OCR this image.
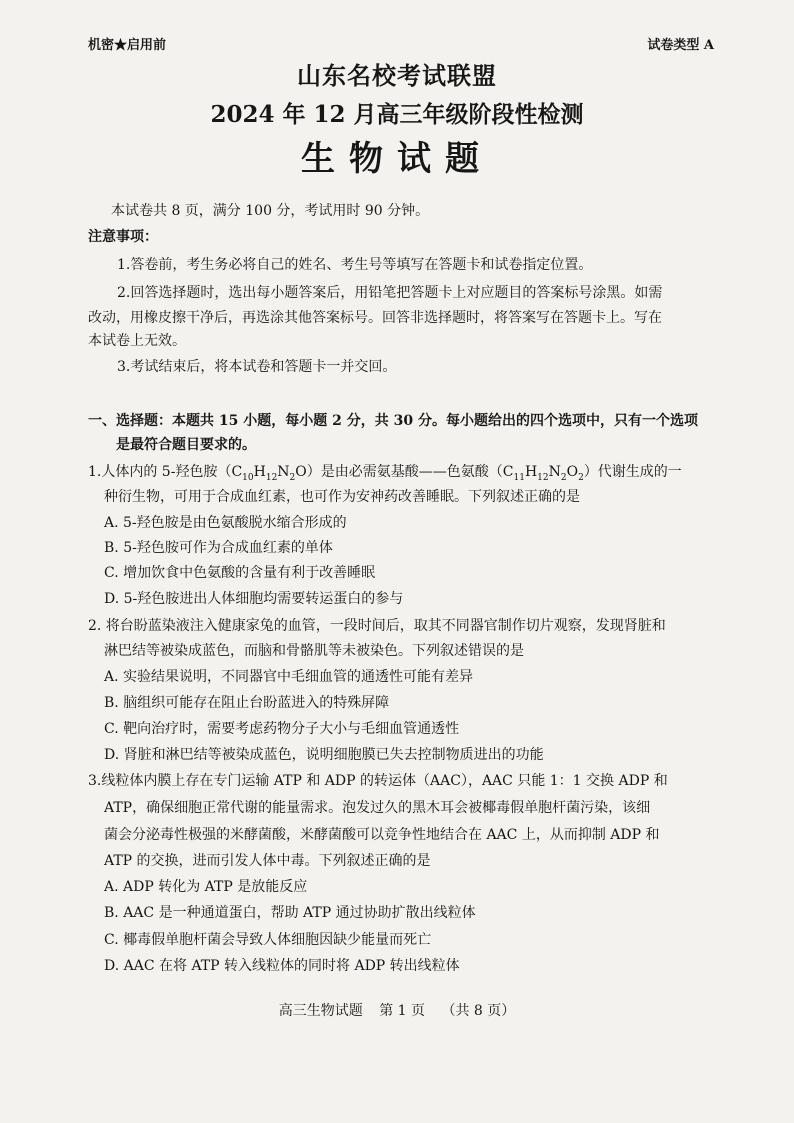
机密★启用前	试卷类型 A
山东名校考试联盟
2024 年 12 月高三年级阶段性检测
生物试题
本试卷共 8 页，满分 100 分，考试用时 90 分钟。
注意事项：
1.答卷前，考生务必将自己的姓名、考生号等填写在答题卡和试卷指定位置。
2.回答选择题时，选出每小题答案后，用铅笔把答题卡上对应题目的答案标号涂黑。如需
改动，用橡皮擦干净后，再选涂其他答案标号。回答非选择题时，将答案写在答题卡上。写在
本试卷上无效。
3.考试结束后，将本试卷和答题卡一并交回。
一、选择题：本题共 15 小题，每小题 2 分，共 30 分。每小题给出的四个选项中，只有一个选项
是最符合题目要求的。
1.人体内的 5-羟色胺$(C_{10}H_{12}N_2O)$是由必需氨基酸——色氨酸$(C_{11}H_{12}N_2O_2)$代谢生成的一
种衍生物，可用于合成血红素，也可作为安神药改善睡眠。下列叙述正确的是
A. 5-羟色胺是由色氨酸脱水缩合形成的
B. 5-羟色胺可作为合成血红素的单体
C. 增加饮食中色氨酸的含量有利于改善睡眠
D. 5-羟色胺进出人体细胞均需要转运蛋白的参与
2. 将台盼蓝染液注入健康家兔的血管，一段时间后，取其不同器官制作切片观察，发现肾脏和
淋巴结等被染成蓝色，而脑和骨骼肌等未被染色。下列叙述错误的是
A. 实验结果说明，不同器官中毛细血管的通透性可能有差异
B. 脑组织可能存在阻止台盼蓝进入的特殊屏障
C. 靶向治疗时，需要考虑药物分子大小与毛细血管通透性
D. 肾脏和淋巴结等被染成蓝色，说明细胞膜已失去控制物质进出的功能
3.线粒体内膜上存在专门运输 ATP 和 ADP 的转运体（AAC），AAC 只能 1：1 交换 ADP 和
ATP，确保细胞正常代谢的能量需求。泡发过久的黑木耳会被椰毒假单胞杆菌污染，该细
菌会分泌毒性极强的米酵菌酸，米酵菌酸可以竞争性地结合在 AAC 上，从而抑制 ADP 和
ATP 的交换，进而引发人体中毒。下列叙述正确的是
A. ADP 转化为 ATP 是放能反应
B. AAC 是一种通道蛋白，帮助 ATP 通过协助扩散出线粒体
C. 椰毒假单胞杆菌会导致人体细胞因缺少能量而死亡
D. AAC 在将 ATP 转入线粒体的同时将 ADP 转出线粒体
高三生物试题 第 1 页 （共 8 页）
